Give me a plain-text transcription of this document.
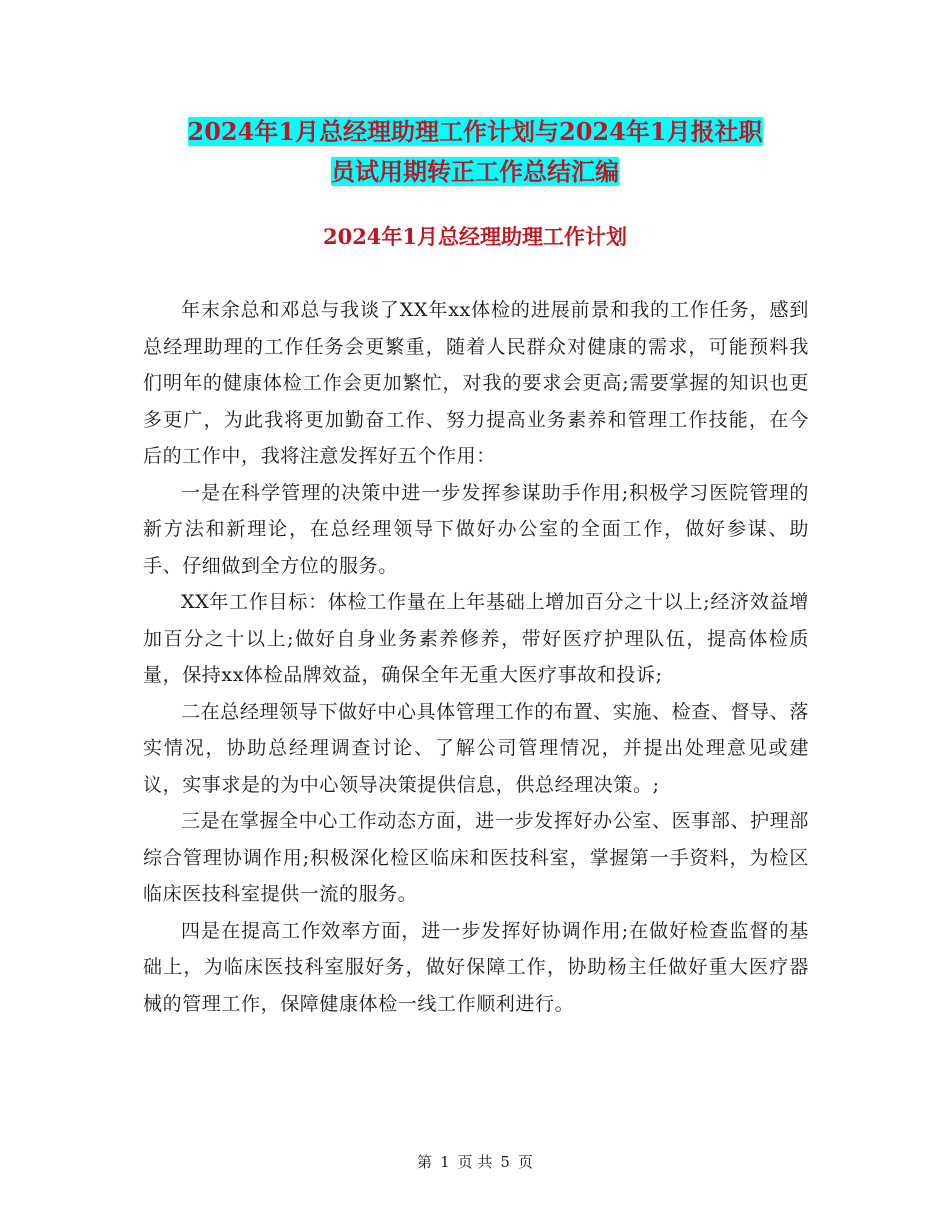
2024年1月总经理助理工作计划与2024年1月报社职
员试用期转正工作总结汇编
2024年1月总经理助理工作计划

年末余总和邓总与我谈了XX年xx体检的进展前景和我的工作任务，感到总经理助理的工作任务会更繁重，随着人民群众对健康的需求，可能预料我们明年的健康体检工作会更加繁忙，对我的要求会更高;需要掌握的知识也更多更广，为此我将更加勤奋工作、努力提高业务素养和管理工作技能，在今后的工作中，我将注意发挥好五个作用：

一是在科学管理的决策中进一步发挥参谋助手作用;积极学习医院管理的新方法和新理论，在总经理领导下做好办公室的全面工作，做好参谋、助手、仔细做到全方位的服务。

XX年工作目标：体检工作量在上年基础上增加百分之十以上;经济效益增加百分之十以上;做好自身业务素养修养，带好医疗护理队伍，提高体检质量，保持xx体检品牌效益，确保全年无重大医疗事故和投诉;

二在总经理领导下做好中心具体管理工作的布置、实施、检查、督导、落实情况，协助总经理调查讨论、了解公司管理情况，并提出处理意见或建议，实事求是的为中心领导决策提供信息，供总经理决策。;

三是在掌握全中心工作动态方面，进一步发挥好办公室、医事部、护理部综合管理协调作用;积极深化检区临床和医技科室，掌握第一手资料，为检区临床医技科室提供一流的服务。

四是在提高工作效率方面，进一步发挥好协调作用;在做好检查监督的基础上，为临床医技科室服好务，做好保障工作，协助杨主任做好重大医疗器械的管理工作，保障健康体检一线工作顺利进行。

第 1 页 共 5 页
